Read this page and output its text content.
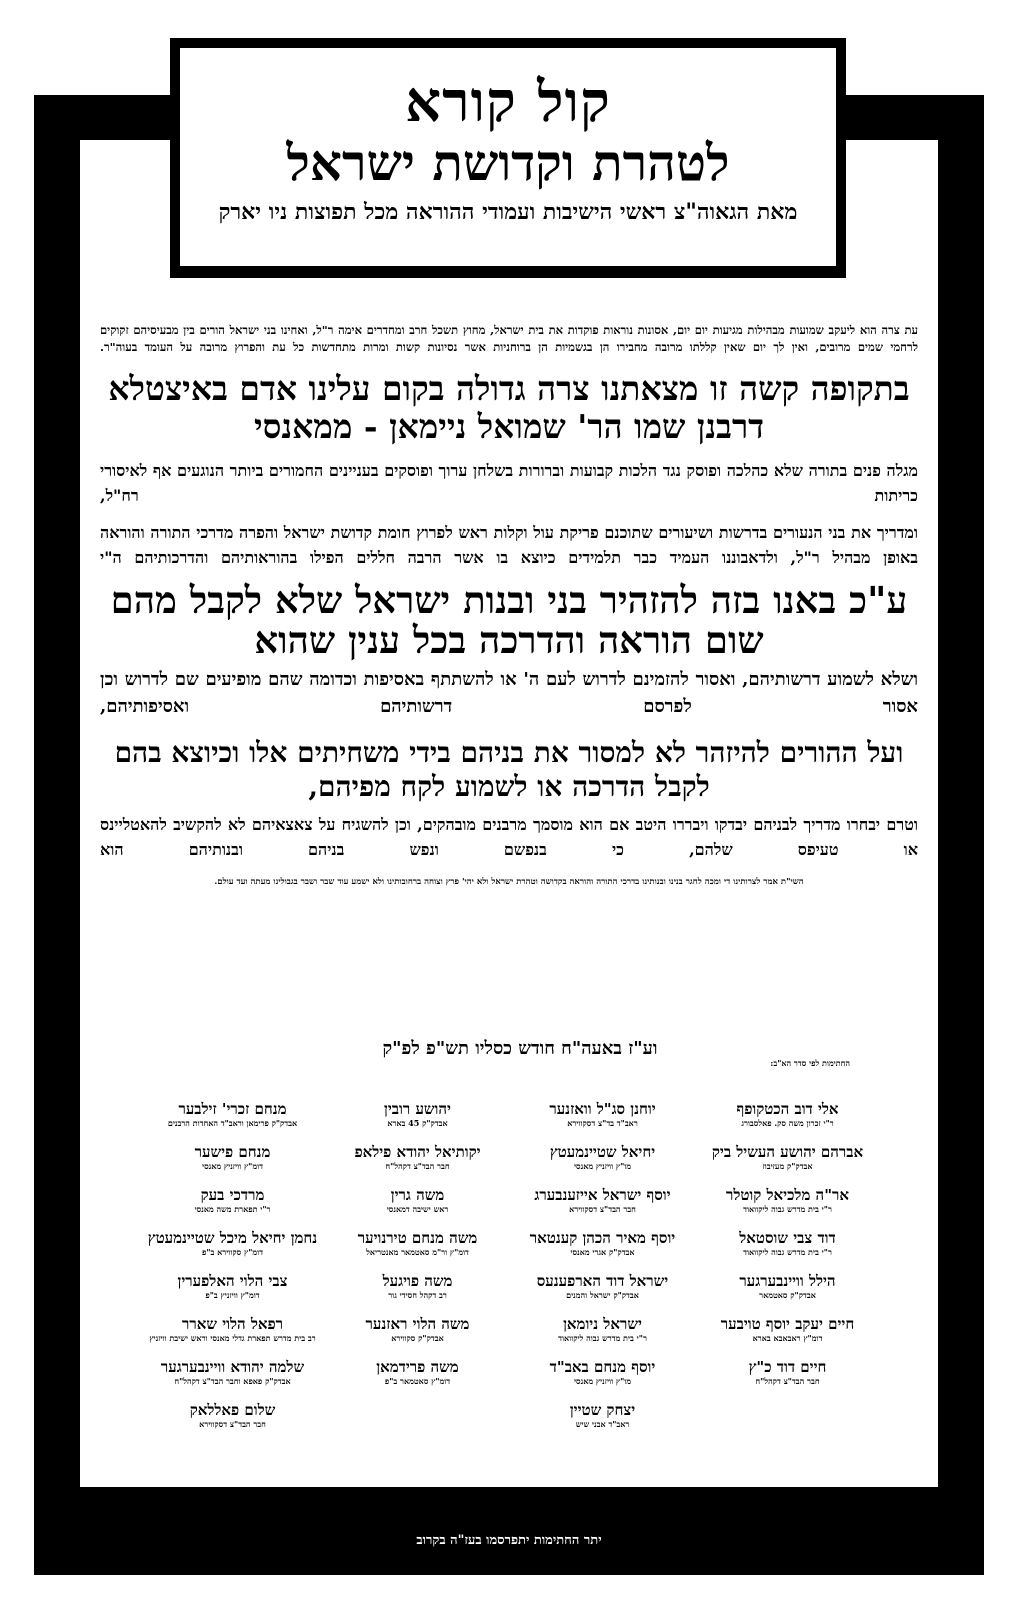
קול קורא
לטהרת וקדושת ישראל
מאת הגאוה"צ ראשי הישיבות ועמודי ההוראה מכל תפוצות ניו יארק
עת צרה הוא ליעקב שמועות מבהילות מגיעות יום יום, אסונות נוראות פוקדות את בית ישראל, מחוץ תשכל חרב ומחדרים אימה ר"ל, ואחינו בני ישראל הורים בין מבעיסיהם זקוקים לרחמי שמים מרובים, ואין לך יום שאין קללתו מרובה מחבירו הן בגשמיות הן ברוחניות אשר נסיונות קשות ומרות מתחדשות כל עת והפרוץ מרובה על העומד בעוה"ר.
בתקופה קשה זו מצאתנו צרה גדולה בקום עלינו אדם באיצטלא דרבנן שמו הר' שמואל ניימאן - ממאנסי
מגלה פנים בתורה שלא כהלכה ופוסק נגד הלכות קבועות וברורות בשלחן ערוך ופוסקים בעניינים החמורים ביותר הנוגעים אף לאיסורי כריתות רח"ל,
ומדריך את בני הנעורים בדרשות ושיעורים שתוכנם פריקת עול וקלות ראש לפרוץ חומת קדושת ישראל והפרה מדרכי התורה והוראה באופן מבהיל ר"ל, ולדאבוננו העמיד כבר תלמידים כיוצא בו אשר הרבה חללים הפילו בהוראותיהם והדרכותיהם ה"י
ע"כ באנו בזה להזהיר בני ובנות ישראל שלא לקבל מהם שום הוראה והדרכה בכל ענין שהוא
ושלא לשמוע דרשותיהם, ואסור להזמינם לדרוש לעם ה' או להשתתף באסיפות וכדומה שהם מופיעים שם לדרוש וכן אסור לפרסם דרשותיהם ואסיפותיהם,
ועל ההורים להיזהר לא למסור את בניהם בידי משחיתים אלו וכיוצא בהם לקבל הדרכה או לשמוע לקח מפיהם,
וטרם יבחרו מדריך לבניהם יבדקו ויבררו היטב אם הוא מוסמך מרבנים מובהקים, וכן להשגיח על צאצאיהם לא להקשיב להאטליינס או טעיפס שלהם, כי בנפשם ונפש בניהם ובנותיהם הוא
השי"ת אמר לצרותינו די ומכה לחגר בנינו ובנותינו בדרכי התורה והוראה בקדושה וטהרת ישראל ולא יהי' פרץ וצוחה ברחובותינו ולא ישמע עוד שבר ושבר בגבולינו מעתה ועד עולם.
וע"ז באעה"ח חודש כסליו תש"פ לפ"ק
החתימות לפי סדר הא"ב:
אלי דוב הכטקופף
ר"י זכרון משה סק. פאלסבורג
אברהם יהושע העשיל ביק
אבדק"ק מעזיבוז
אר"ה מלכיאל קוטלר
ר"י בית מדרש גבוה ליקוואוד
דוד צבי שוסטאל
ר"י בית מדרש גבוה ליקוואוד
הילל וויינבערגער
אבדק"ק סאטמאר
חיים יעקב יוסף טויבער
דומ"ץ ראבאבא בארא
חיים דוד כ"ץ
חבר הבד"צ דקהל"ח
יוחנן סג"ל וואזנער
ראב"ד בד"צ דסקווירא
יחיאל שטיינמעטץ
מו"ץ וויזניץ מאנסי
יוסף ישראל אייזענבערג
חבר הבד"צ דסקווירא
יוסף מאיר הכהן קענטאר
אבדק"ק אגרי מאנסי
ישראל דוד הארפענעס
אבדק"ק ישראל והמנים
ישראל ניומאן
ר"י בית מדרש גבוה ליקוואוד
יוסף מנחם באב"ד
מו"ץ וויזניץ מאנסי
יצחק שטיין
ראב"ד אבני שיש
יהושע רובין
אבדק"ק 45 בארא
יקותיאל יהודא פילאפ
חבר הבד"צ דקהל"ח
משה גרין
ראש ישיבה דמאנסי
משה מנחם טירנויער
דומ"ץ ור"מ סאטמאר מאנטריאל
משה פויגעל
רב דקהל חסידי גור
משה הלוי ראזנער
אבדק"ק סקווירא
משה פרידמאן
דומ"ץ סאטמאר ב"פ
מנחם זכרי' זילבער
אבדק"ק פרימאן וראב"ד האחדות הרבנים
מנחם פישער
דומ"ץ וויזניץ מאנסי
מרדכי בעק
ר"י תפארת משה מאנסי
נחמן יחיאל מיכל שטיינמעטץ
דומ"ץ סקווירא ב"פ
צבי הלוי האלפערין
דומ"ץ וויזניץ ב"פ
רפאל הלוי שארר
רב בית מדרש תפארת גדלי מאנסי וראש ישיבת וויזניץ
שלמה יהודא וויינבערגער
אבדק"ק פאפא וחבר הבד"צ דקהל"ח
שלום פאללאק
חבר הבד"צ דסקווירא
יתר החתימות יתפרסמו בעז"ה בקרוב
